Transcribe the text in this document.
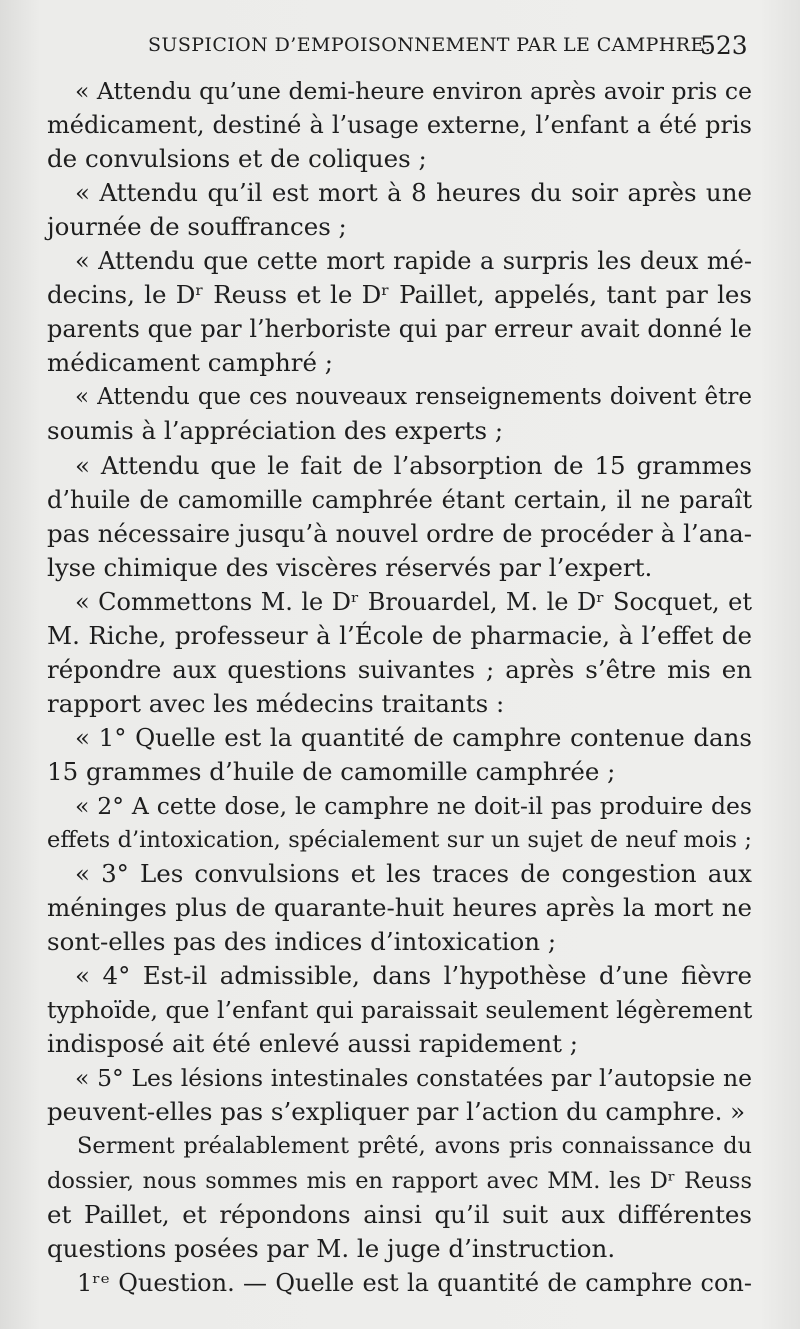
SUSPICION D’EMPOISONNEMENT PAR LE CAMPHRE.
523
« Attendu qu’une demi-heure environ après avoir pris ce
médicament, destiné à l’usage externe, l’enfant a été pris
de convulsions et de coliques ;
« Attendu qu’il est mort à 8 heures du soir après une
journée de souffrances ;
« Attendu que cette mort rapide a surpris les deux mé-
decins, le Dʳ Reuss et le Dʳ Paillet, appelés, tant par les
parents que par l’herboriste qui par erreur avait donné le
médicament camphré ;
« Attendu que ces nouveaux renseignements doivent être
soumis à l’appréciation des experts ;
« Attendu que le fait de l’absorption de 15 grammes
d’huile de camomille camphrée étant certain, il ne paraît
pas nécessaire jusqu’à nouvel ordre de procéder à l’ana-
lyse chimique des viscères réservés par l’expert.
« Commettons M. le Dʳ Brouardel, M. le Dʳ Socquet, et
M. Riche, professeur à l’École de pharmacie, à l’effet de
répondre aux questions suivantes ; après s’être mis en
rapport avec les médecins traitants :
« 1° Quelle est la quantité de camphre contenue dans
15 grammes d’huile de camomille camphrée ;
« 2° A cette dose, le camphre ne doit-il pas produire des
effets d’intoxication, spécialement sur un sujet de neuf mois ;
« 3° Les convulsions et les traces de congestion aux
méninges plus de quarante-huit heures après la mort ne
sont-elles pas des indices d’intoxication ;
« 4° Est-il admissible, dans l’hypothèse d’une fièvre
typhoïde, que l’enfant qui paraissait seulement légèrement
indisposé ait été enlevé aussi rapidement ;
« 5° Les lésions intestinales constatées par l’autopsie ne
peuvent-elles pas s’expliquer par l’action du camphre. »
Serment préalablement prêté, avons pris connaissance du
dossier, nous sommes mis en rapport avec MM. les Dʳ Reuss
et Paillet, et répondons ainsi qu’il suit aux différentes
questions posées par M. le juge d’instruction.
1ʳᵉ Question. — Quelle est la quantité de camphre con-
